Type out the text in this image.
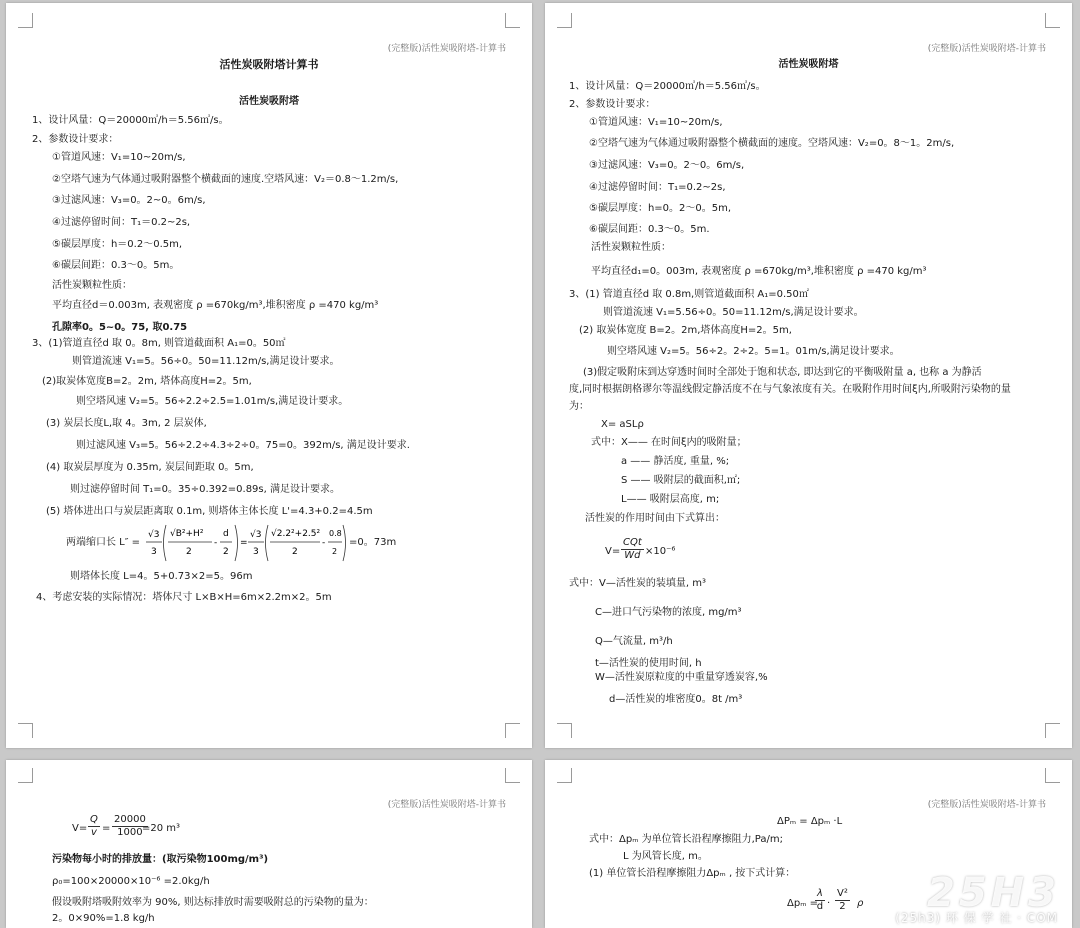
(完整版)活性炭吸附塔-计算书
活性炭吸附塔计算书
活性炭吸附塔
1、设计风量：Q＝20000㎥/h＝5.56㎥/s。
2、参数设计要求：
①管道风速：V₁=10~20m/s,
②空塔气速为气体通过吸附器整个横截面的速度.空塔风速：V₂＝0.8～1.2m/s,
③过滤风速：V₃=0。2~0。6m/s,
④过滤停留时间：T₁＝0.2~2s,
⑤碳层厚度：h＝0.2～0.5m,
⑥碳层间距：0.3～0。5m。
活性炭颗粒性质：
平均直径d＝0.003m, 表观密度 ρ =670kg/m³,堆积密度 ρ =470 kg/m³
孔隙率0。5~0。75, 取0.75
3、(1)管道直径d 取 0。8m, 则管道截面积 A₁=0。50㎡
则管道流速 V₁=5。56÷0。50=11.12m/s,满足设计要求。
(2)取炭体宽度B=2。2m, 塔体高度H=2。5m,
则空塔风速 V₂=5。56÷2.2÷2.5=1.01m/s,满足设计要求。
(3) 炭层长度L,取 4。3m, 2 层炭体,
则过滤风速 V₃=5。56÷2.2÷4.3÷2÷0。75=0。392m/s, 满足设计要求.
(4) 取炭层厚度为 0.35m, 炭层间距取 0。5m,
则过滤停留时间 T₁=0。35÷0.392=0.89s, 满足设计要求。
(5) 塔体进出口与炭层距离取 0.1m, 则塔体主体长度 L'=4.3+0.2=4.5m
两端缩口长 L″ =
√3
3
√B²+H²
2
-
d
2
=
√3
3
√2.2²+2.5²
2
-
0.8
2
=0。73m
则塔体长度 L=4。5+0.73×2=5。96m
4、考虑安装的实际情况：塔体尺寸 L×B×H=6m×2.2m×2。5m
(完整版)活性炭吸附塔-计算书
活性炭吸附塔
1、设计风量：Q＝20000㎥/h＝5.56㎥/s。
2、参数设计要求：
①管道风速：V₁=10~20m/s,
②空塔气速为气体通过吸附器整个横截面的速度。空塔风速：V₂=0。8～1。2m/s,
③过滤风速：V₃=0。2～0。6m/s,
④过滤停留时间：T₁=0.2~2s,
⑤碳层厚度：h=0。2～0。5m,
⑥碳层间距：0.3～0。5m.
活性炭颗粒性质：
平均直径d₁=0。003m, 表观密度 ρ =670kg/m³,堆积密度 ρ =470 kg/m³
3、(1) 管道直径d 取 0.8m,则管道截面积 A₁=0.50㎡
则管道流速 V₁=5.56÷0。50=11.12m/s,满足设计要求。
(2) 取炭体宽度 B=2。2m,塔体高度H=2。5m,
则空塔风速 V₂=5。56÷2。2÷2。5=1。01m/s,满足设计要求。
(3)假定吸附床到达穿透时间时全部处于饱和状态, 即达到它的平衡吸附量 a, 也称 a 为静活
度,同时根据朗格谬尔等温线假定静活度不在与气象浓度有关。在吸附作用时间ξ内,所吸附污染物的量
为：
X= aSLρ
式中：X—— 在时间ξ内的吸附量；
a —— 静活度, 重量, %;
S —— 吸附层的截面积,㎡;
L—— 吸附层高度, m;
活性炭的作用时间由下式算出：
V=
CQt
Wd ×10⁻⁶
式中：V—活性炭的装填量, m³
C—进口气污染物的浓度, mg/m³
Q—气流量, m³/h
t—活性炭的使用时间, h
W—活性炭原粒度的中重量穿透炭容,%
d—活性炭的堆密度0。8t /m³
(完整版)活性炭吸附塔-计算书
$V= \frac{Q}{v} = \frac{20000}{1000}$
=20 m³
污染物每小时的排放量：(取污染物100mg/m³)
ρ₀=100×20000×10⁻⁶ =2.0kg/h
假设吸附塔吸附效率为 90%, 则达标排放时需要吸附总的污染物的量为：
2。0×90%=1.8 kg/h
(完整版)活性炭吸附塔-计算书
ΔPₘ = Δpₘ ·L
式中：Δpₘ 为单位管长沿程摩擦阻力,Pa/m;
L 为风管长度, m。
(1) 单位管长沿程摩擦阻力Δpₘ , 按下式计算：
Δpₘ =
$\frac{\lambda}{d} \cdot \frac{\text{V²}}{2}$ ρ 25H3
(25h3) 环 保 学 社 · COM
